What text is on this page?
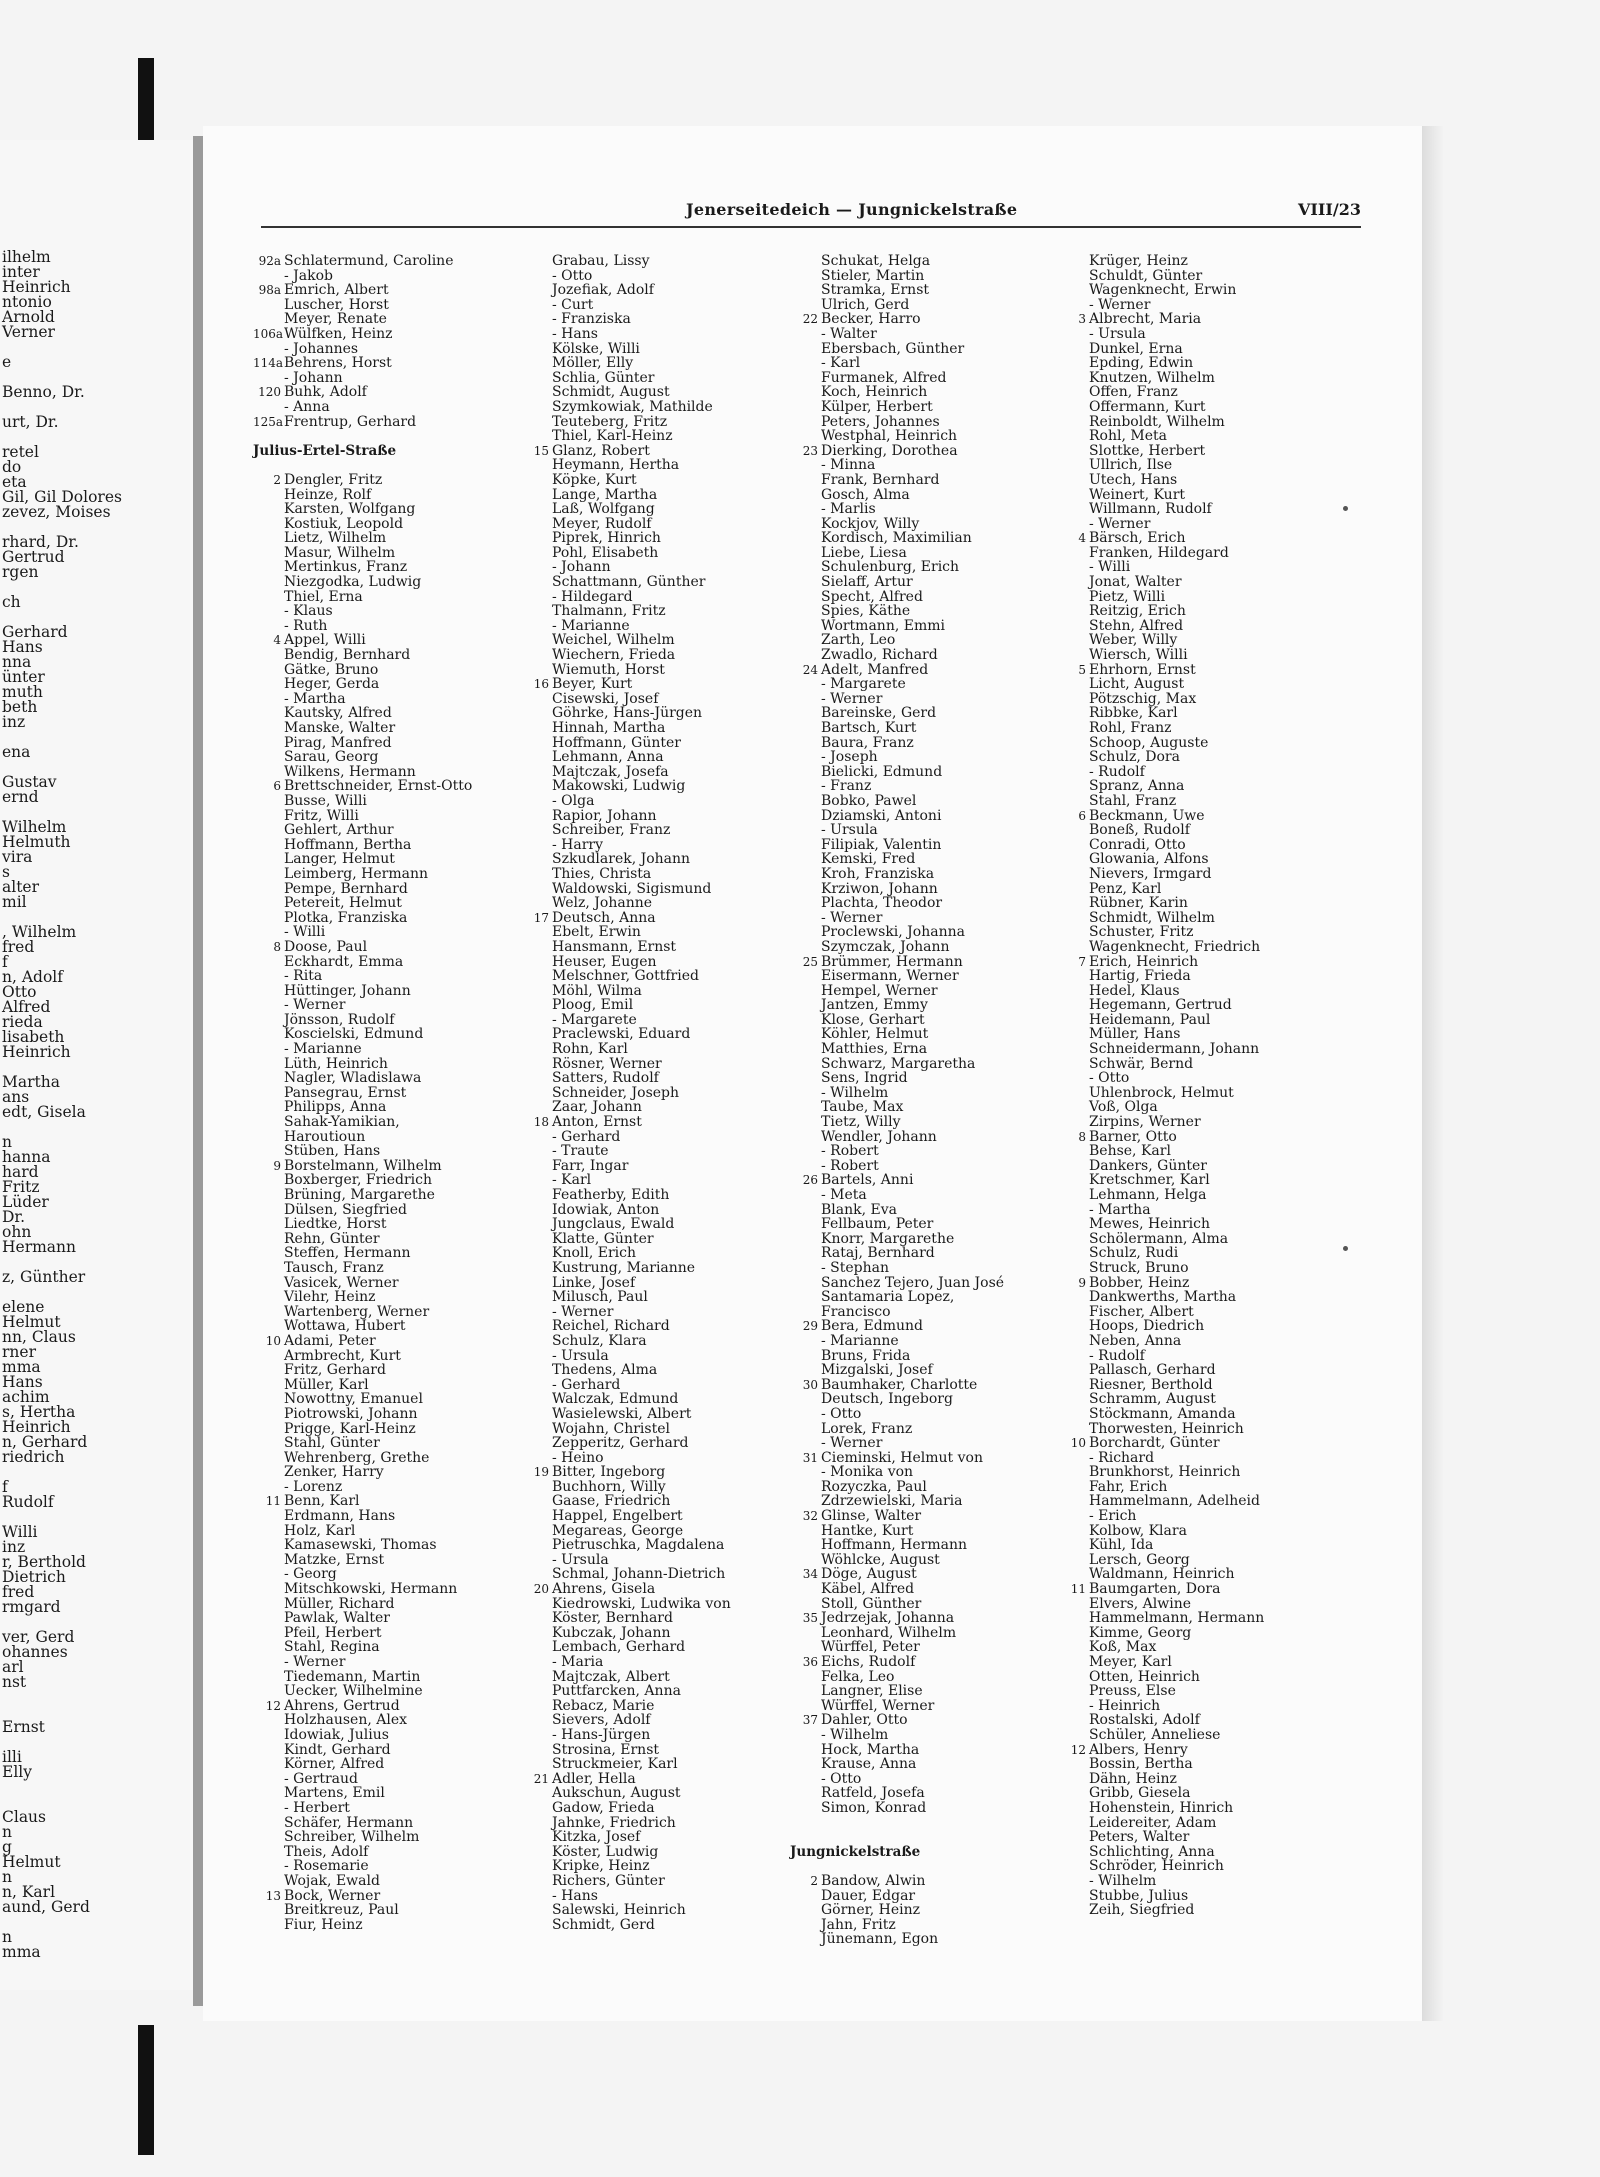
ilhelm
inter
Heinrich
ntonio
Arnold
Verner
e
Benno, Dr.
urt, Dr.
retel
do
eta
Gil, Gil Dolores
zevez, Moises
rhard, Dr.
Gertrud
rgen
ch
Gerhard
Hans
nna
ünter
muth
beth
inz
ena
Gustav
ernd
Wilhelm
Helmuth
vira
s
alter
mil
, Wilhelm
fred
f
n, Adolf
Otto
Alfred
rieda
lisabeth
Heinrich
Martha
ans
edt, Gisela
n
hanna
hard
Fritz
Lüder
Dr.
ohn
Hermann
z, Günther
elene
Helmut
nn, Claus
rner
mma
Hans
achim
s, Hertha
Heinrich
n, Gerhard
riedrich
f
Rudolf
Willi
inz
r, Berthold
Dietrich
fred
rmgard
ver, Gerd
ohannes
arl
nst
Ernst
illi
Elly
Claus
n
g
Helmut
n
n, Karl
aund, Gerd
n
mma
Jenerseitedeich — Jungnickelstraße	VIII/23
92a Schlatermund, Caroline
- Jakob
98a Emrich, Albert
Luscher, Horst
Meyer, Renate
106a Wülfken, Heinz
- Johannes
114a Behrens, Horst
- Johann
120 Buhk, Adolf
- Anna
125a Frentrup, Gerhard
Julius-Ertel-Straße
2 Dengler, Fritz
Heinze, Rolf
Karsten, Wolfgang
Kostiuk, Leopold
Lietz, Wilhelm
Masur, Wilhelm
Mertinkus, Franz
Niezgodka, Ludwig
Thiel, Erna
- Klaus
- Ruth
4 Appel, Willi
Bendig, Bernhard
Gätke, Bruno
Heger, Gerda
- Martha
Kautsky, Alfred
Manske, Walter
Pirag, Manfred
Sarau, Georg
Wilkens, Hermann
6 Brettschneider, Ernst-Otto
Busse, Willi
Fritz, Willi
Gehlert, Arthur
Hoffmann, Bertha
Langer, Helmut
Leimberg, Hermann
Pempe, Bernhard
Petereit, Helmut
Plotka, Franziska
- Willi
8 Doose, Paul
Eckhardt, Emma
- Rita
Hüttinger, Johann
- Werner
Jönsson, Rudolf
Koscielski, Edmund
- Marianne
Lüth, Heinrich
Nagler, Wladislawa
Pansegrau, Ernst
Philipps, Anna
Sahak-Yamikian,
Haroutioun
Stüben, Hans
9 Borstelmann, Wilhelm
Boxberger, Friedrich
Brüning, Margarethe
Dülsen, Siegfried
Liedtke, Horst
Rehn, Günter
Steffen, Hermann
Tausch, Franz
Vasicek, Werner
Vilehr, Heinz
Wartenberg, Werner
Wottawa, Hubert
10 Adami, Peter
Armbrecht, Kurt
Fritz, Gerhard
Müller, Karl
Nowottny, Emanuel
Piotrowski, Johann
Prigge, Karl-Heinz
Stahl, Günter
Wehrenberg, Grethe
Zenker, Harry
- Lorenz
11 Benn, Karl
Erdmann, Hans
Holz, Karl
Kamasewski, Thomas
Matzke, Ernst
- Georg
Mitschkowski, Hermann
Müller, Richard
Pawlak, Walter
Pfeil, Herbert
Stahl, Regina
- Werner
Tiedemann, Martin
Uecker, Wilhelmine
12 Ahrens, Gertrud
Holzhausen, Alex
Idowiak, Julius
Kindt, Gerhard
Körner, Alfred
- Gertraud
Martens, Emil
- Herbert
Schäfer, Hermann
Schreiber, Wilhelm
Theis, Adolf
- Rosemarie
Wojak, Ewald
13 Bock, Werner
Breitkreuz, Paul
Fiur, Heinz
Grabau, Lissy
- Otto
Jozefiak, Adolf
- Curt
- Franziska
- Hans
Kölske, Willi
Möller, Elly
Schlia, Günter
Schmidt, August
Szymkowiak, Mathilde
Teuteberg, Fritz
Thiel, Karl-Heinz
15 Glanz, Robert
Heymann, Hertha
Köpke, Kurt
Lange, Martha
Laß, Wolfgang
Meyer, Rudolf
Piprek, Hinrich
Pohl, Elisabeth
- Johann
Schattmann, Günther
- Hildegard
Thalmann, Fritz
- Marianne
Weichel, Wilhelm
Wiechern, Frieda
Wiemuth, Horst
16 Beyer, Kurt
Cisewski, Josef
Göhrke, Hans-Jürgen
Hinnah, Martha
Hoffmann, Günter
Lehmann, Anna
Majtczak, Josefa
Makowski, Ludwig
- Olga
Rapior, Johann
Schreiber, Franz
- Harry
Szkudlarek, Johann
Thies, Christa
Waldowski, Sigismund
Welz, Johanne
17 Deutsch, Anna
Ebelt, Erwin
Hansmann, Ernst
Heuser, Eugen
Melschner, Gottfried
Möhl, Wilma
Ploog, Emil
- Margarete
Praclewski, Eduard
Rohn, Karl
Rösner, Werner
Satters, Rudolf
Schneider, Joseph
Zaar, Johann
18 Anton, Ernst
- Gerhard
- Traute
Farr, Ingar
- Karl
Featherby, Edith
Idowiak, Anton
Jungclaus, Ewald
Klatte, Günter
Knoll, Erich
Kustrung, Marianne
Linke, Josef
Milusch, Paul
- Werner
Reichel, Richard
Schulz, Klara
- Ursula
Thedens, Alma
- Gerhard
Walczak, Edmund
Wasielewski, Albert
Wojahn, Christel
Zepperitz, Gerhard
- Heino
19 Bitter, Ingeborg
Buchhorn, Willy
Gaase, Friedrich
Happel, Engelbert
Megareas, George
Pietruschka, Magdalena
- Ursula
Schmal, Johann-Dietrich
20 Ahrens, Gisela
Kiedrowski, Ludwika von
Köster, Bernhard
Kubczak, Johann
Lembach, Gerhard
- Maria
Majtczak, Albert
Puttfarcken, Anna
Rebacz, Marie
Sievers, Adolf
- Hans-Jürgen
Strosina, Ernst
Struckmeier, Karl
21 Adler, Hella
Aukschun, August
Gadow, Frieda
Jahnke, Friedrich
Kitzka, Josef
Köster, Ludwig
Kripke, Heinz
Richers, Günter
- Hans
Salewski, Heinrich
Schmidt, Gerd
Schukat, Helga
Stieler, Martin
Stramka, Ernst
Ulrich, Gerd
22 Becker, Harro
- Walter
Ebersbach, Günther
- Karl
Furmanek, Alfred
Koch, Heinrich
Külper, Herbert
Peters, Johannes
Westphal, Heinrich
23 Dierking, Dorothea
- Minna
Frank, Bernhard
Gosch, Alma
- Marlis
Kockjov, Willy
Kordisch, Maximilian
Liebe, Liesa
Schulenburg, Erich
Sielaff, Artur
Specht, Alfred
Spies, Käthe
Wortmann, Emmi
Zarth, Leo
Zwadlo, Richard
24 Adelt, Manfred
- Margarete
- Werner
Bareinske, Gerd
Bartsch, Kurt
Baura, Franz
- Joseph
Bielicki, Edmund
- Franz
Bobko, Pawel
Dziamski, Antoni
- Ursula
Filipiak, Valentin
Kemski, Fred
Kroh, Franziska
Krziwon, Johann
Plachta, Theodor
- Werner
Proclewski, Johanna
Szymczak, Johann
25 Brümmer, Hermann
Eisermann, Werner
Hempel, Werner
Jantzen, Emmy
Klose, Gerhart
Köhler, Helmut
Matthies, Erna
Schwarz, Margaretha
Sens, Ingrid
- Wilhelm
Taube, Max
Tietz, Willy
Wendler, Johann
- Robert
- Robert
26 Bartels, Anni
- Meta
Blank, Eva
Fellbaum, Peter
Knorr, Margarethe
Rataj, Bernhard
- Stephan
Sanchez Tejero, Juan José
Santamaria Lopez,
Francisco
29 Bera, Edmund
- Marianne
Bruns, Frida
Mizgalski, Josef
30 Baumhaker, Charlotte
Deutsch, Ingeborg
- Otto
Lorek, Franz
- Werner
31 Cieminski, Helmut von
- Monika von
Rozyczka, Paul
Zdrzewielski, Maria
32 Glinse, Walter
Hantke, Kurt
Hoffmann, Hermann
Wöhlcke, August
34 Döge, August
Käbel, Alfred
Stoll, Günther
35 Jedrzejak, Johanna
Leonhard, Wilhelm
Würffel, Peter
36 Eichs, Rudolf
Felka, Leo
Langner, Elise
Würffel, Werner
37 Dahler, Otto
- Wilhelm
Hock, Martha
Krause, Anna
- Otto
Ratfeld, Josefa
Simon, Konrad
Jungnickelstraße
2 Bandow, Alwin
Dauer, Edgar
Görner, Heinz
Jahn, Fritz
Jünemann, Egon
Krüger, Heinz
Schuldt, Günter
Wagenknecht, Erwin
- Werner
3 Albrecht, Maria
- Ursula
Dunkel, Erna
Epding, Edwin
Knutzen, Wilhelm
Offen, Franz
Offermann, Kurt
Reinboldt, Wilhelm
Rohl, Meta
Slottke, Herbert
Ullrich, Ilse
Utech, Hans
Weinert, Kurt
Willmann, Rudolf
- Werner
4 Bärsch, Erich
Franken, Hildegard
- Willi
Jonat, Walter
Pietz, Willi
Reitzig, Erich
Stehn, Alfred
Weber, Willy
Wiersch, Willi
5 Ehrhorn, Ernst
Licht, August
Pötzschig, Max
Ribbke, Karl
Rohl, Franz
Schoop, Auguste
Schulz, Dora
- Rudolf
Spranz, Anna
Stahl, Franz
6 Beckmann, Uwe
Boneß, Rudolf
Conradi, Otto
Glowania, Alfons
Nievers, Irmgard
Penz, Karl
Rübner, Karin
Schmidt, Wilhelm
Schuster, Fritz
Wagenknecht, Friedrich
7 Erich, Heinrich
Hartig, Frieda
Hedel, Klaus
Hegemann, Gertrud
Heidemann, Paul
Müller, Hans
Schneidermann, Johann
Schwär, Bernd
- Otto
Uhlenbrock, Helmut
Voß, Olga
Zirpins, Werner
8 Barner, Otto
Behse, Karl
Dankers, Günter
Kretschmer, Karl
Lehmann, Helga
- Martha
Mewes, Heinrich
Schölermann, Alma
Schulz, Rudi
Struck, Bruno
9 Bobber, Heinz
Dankwerths, Martha
Fischer, Albert
Hoops, Diedrich
Neben, Anna
- Rudolf
Pallasch, Gerhard
Riesner, Berthold
Schramm, August
Stöckmann, Amanda
Thorwesten, Heinrich
10 Borchardt, Günter
- Richard
Brunkhorst, Heinrich
Fahr, Erich
Hammelmann, Adelheid
- Erich
Kolbow, Klara
Kühl, Ida
Lersch, Georg
Waldmann, Heinrich
11 Baumgarten, Dora
Elvers, Alwine
Hammelmann, Hermann
Kimme, Georg
Koß, Max
Meyer, Karl
Otten, Heinrich
Preuss, Else
- Heinrich
Rostalski, Adolf
Schüler, Anneliese
12 Albers, Henry
Bossin, Bertha
Dähn, Heinz
Gribb, Giesela
Hohenstein, Hinrich
Leidereiter, Adam
Peters, Walter
Schlichting, Anna
Schröder, Heinrich
- Wilhelm
Stubbe, Julius
Zeih, Siegfried
